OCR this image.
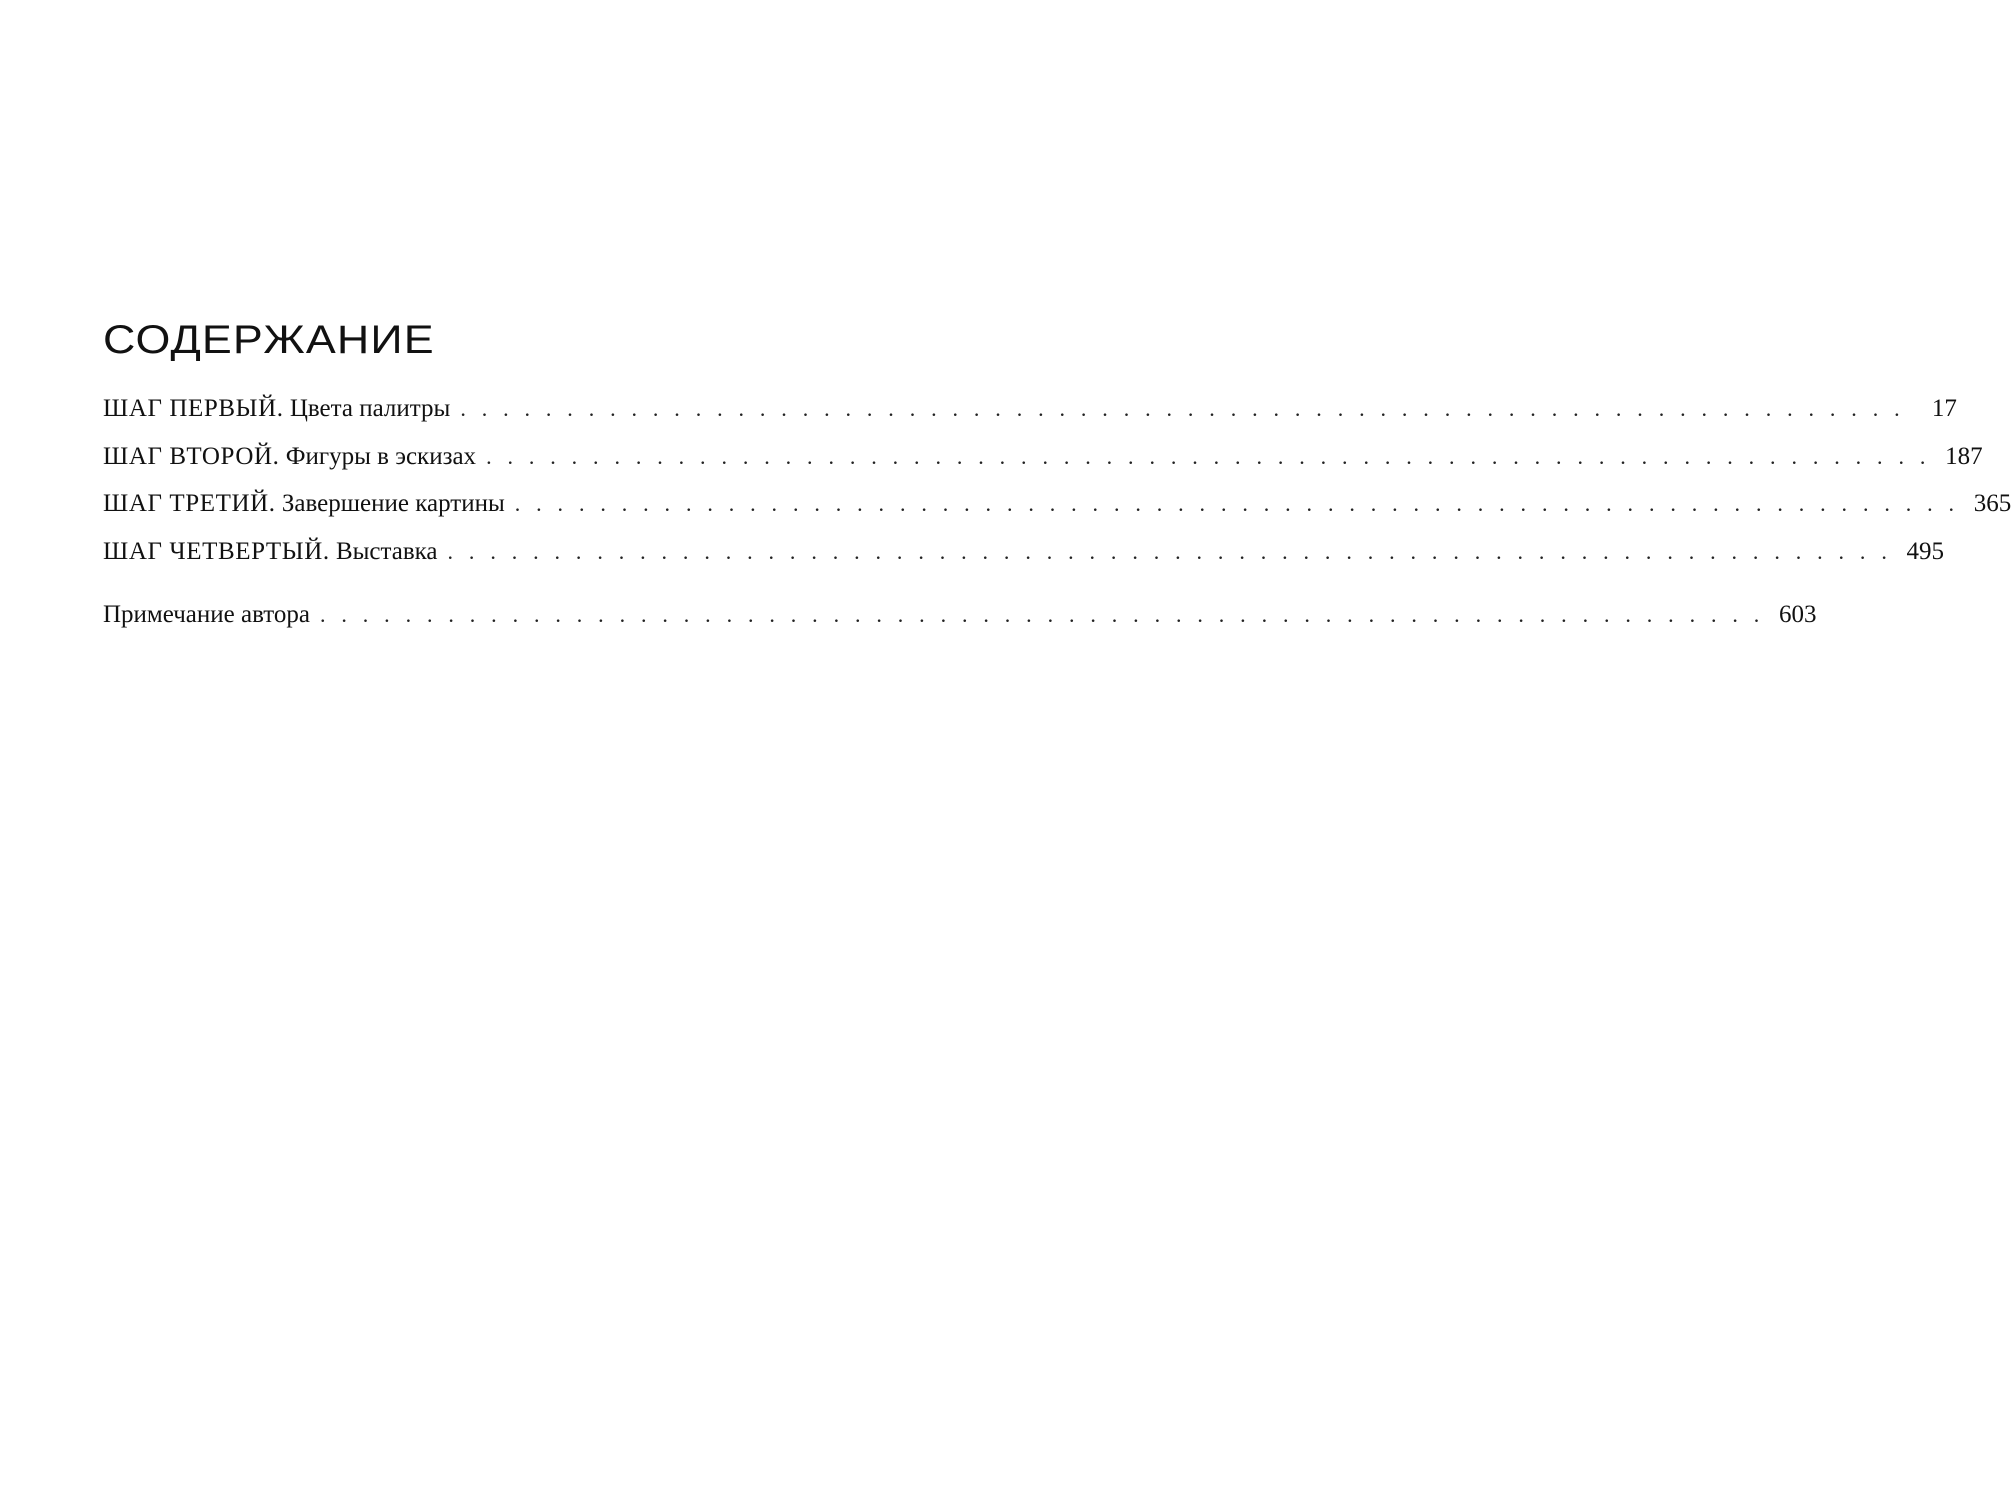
СОДЕРЖАНИЕ
ШАГ ПЕРВЫЙ. Цвета палитры . . . . . . . . . . . . . . . . . . . . . . . . . . . . . . . . . . . . . . . . . . . . . . . . . . . . . . . . . . . . . . . . . . . .	17
ШАГ ВТОРОЙ. Фигуры в эскизах . . . . . . . . . . . . . . . . . . . . . . . . . . . . . . . . . . . . . . . . . . . . . . . . . . . . . . . . . . . . . . . . . . . . 187
ШАГ ТРЕТИЙ. Завершение картины . . . . . . . . . . . . . . . . . . . . . . . . . . . . . . . . . . . . . . . . . . . . . . . . . . . . . . . . . . . . . . . . . . . . 365
ШАГ ЧЕТВЕРТЫЙ. Выставка . . . . . . . . . . . . . . . . . . . . . . . . . . . . . . . . . . . . . . . . . . . . . . . . . . . . . . . . . . . . . . . . . . . . 495
Примечание автора . . . . . . . . . . . . . . . . . . . . . . . . . . . . . . . . . . . . . . . . . . . . . . . . . . . . . . . . . . . . . . . . . . . . 603
